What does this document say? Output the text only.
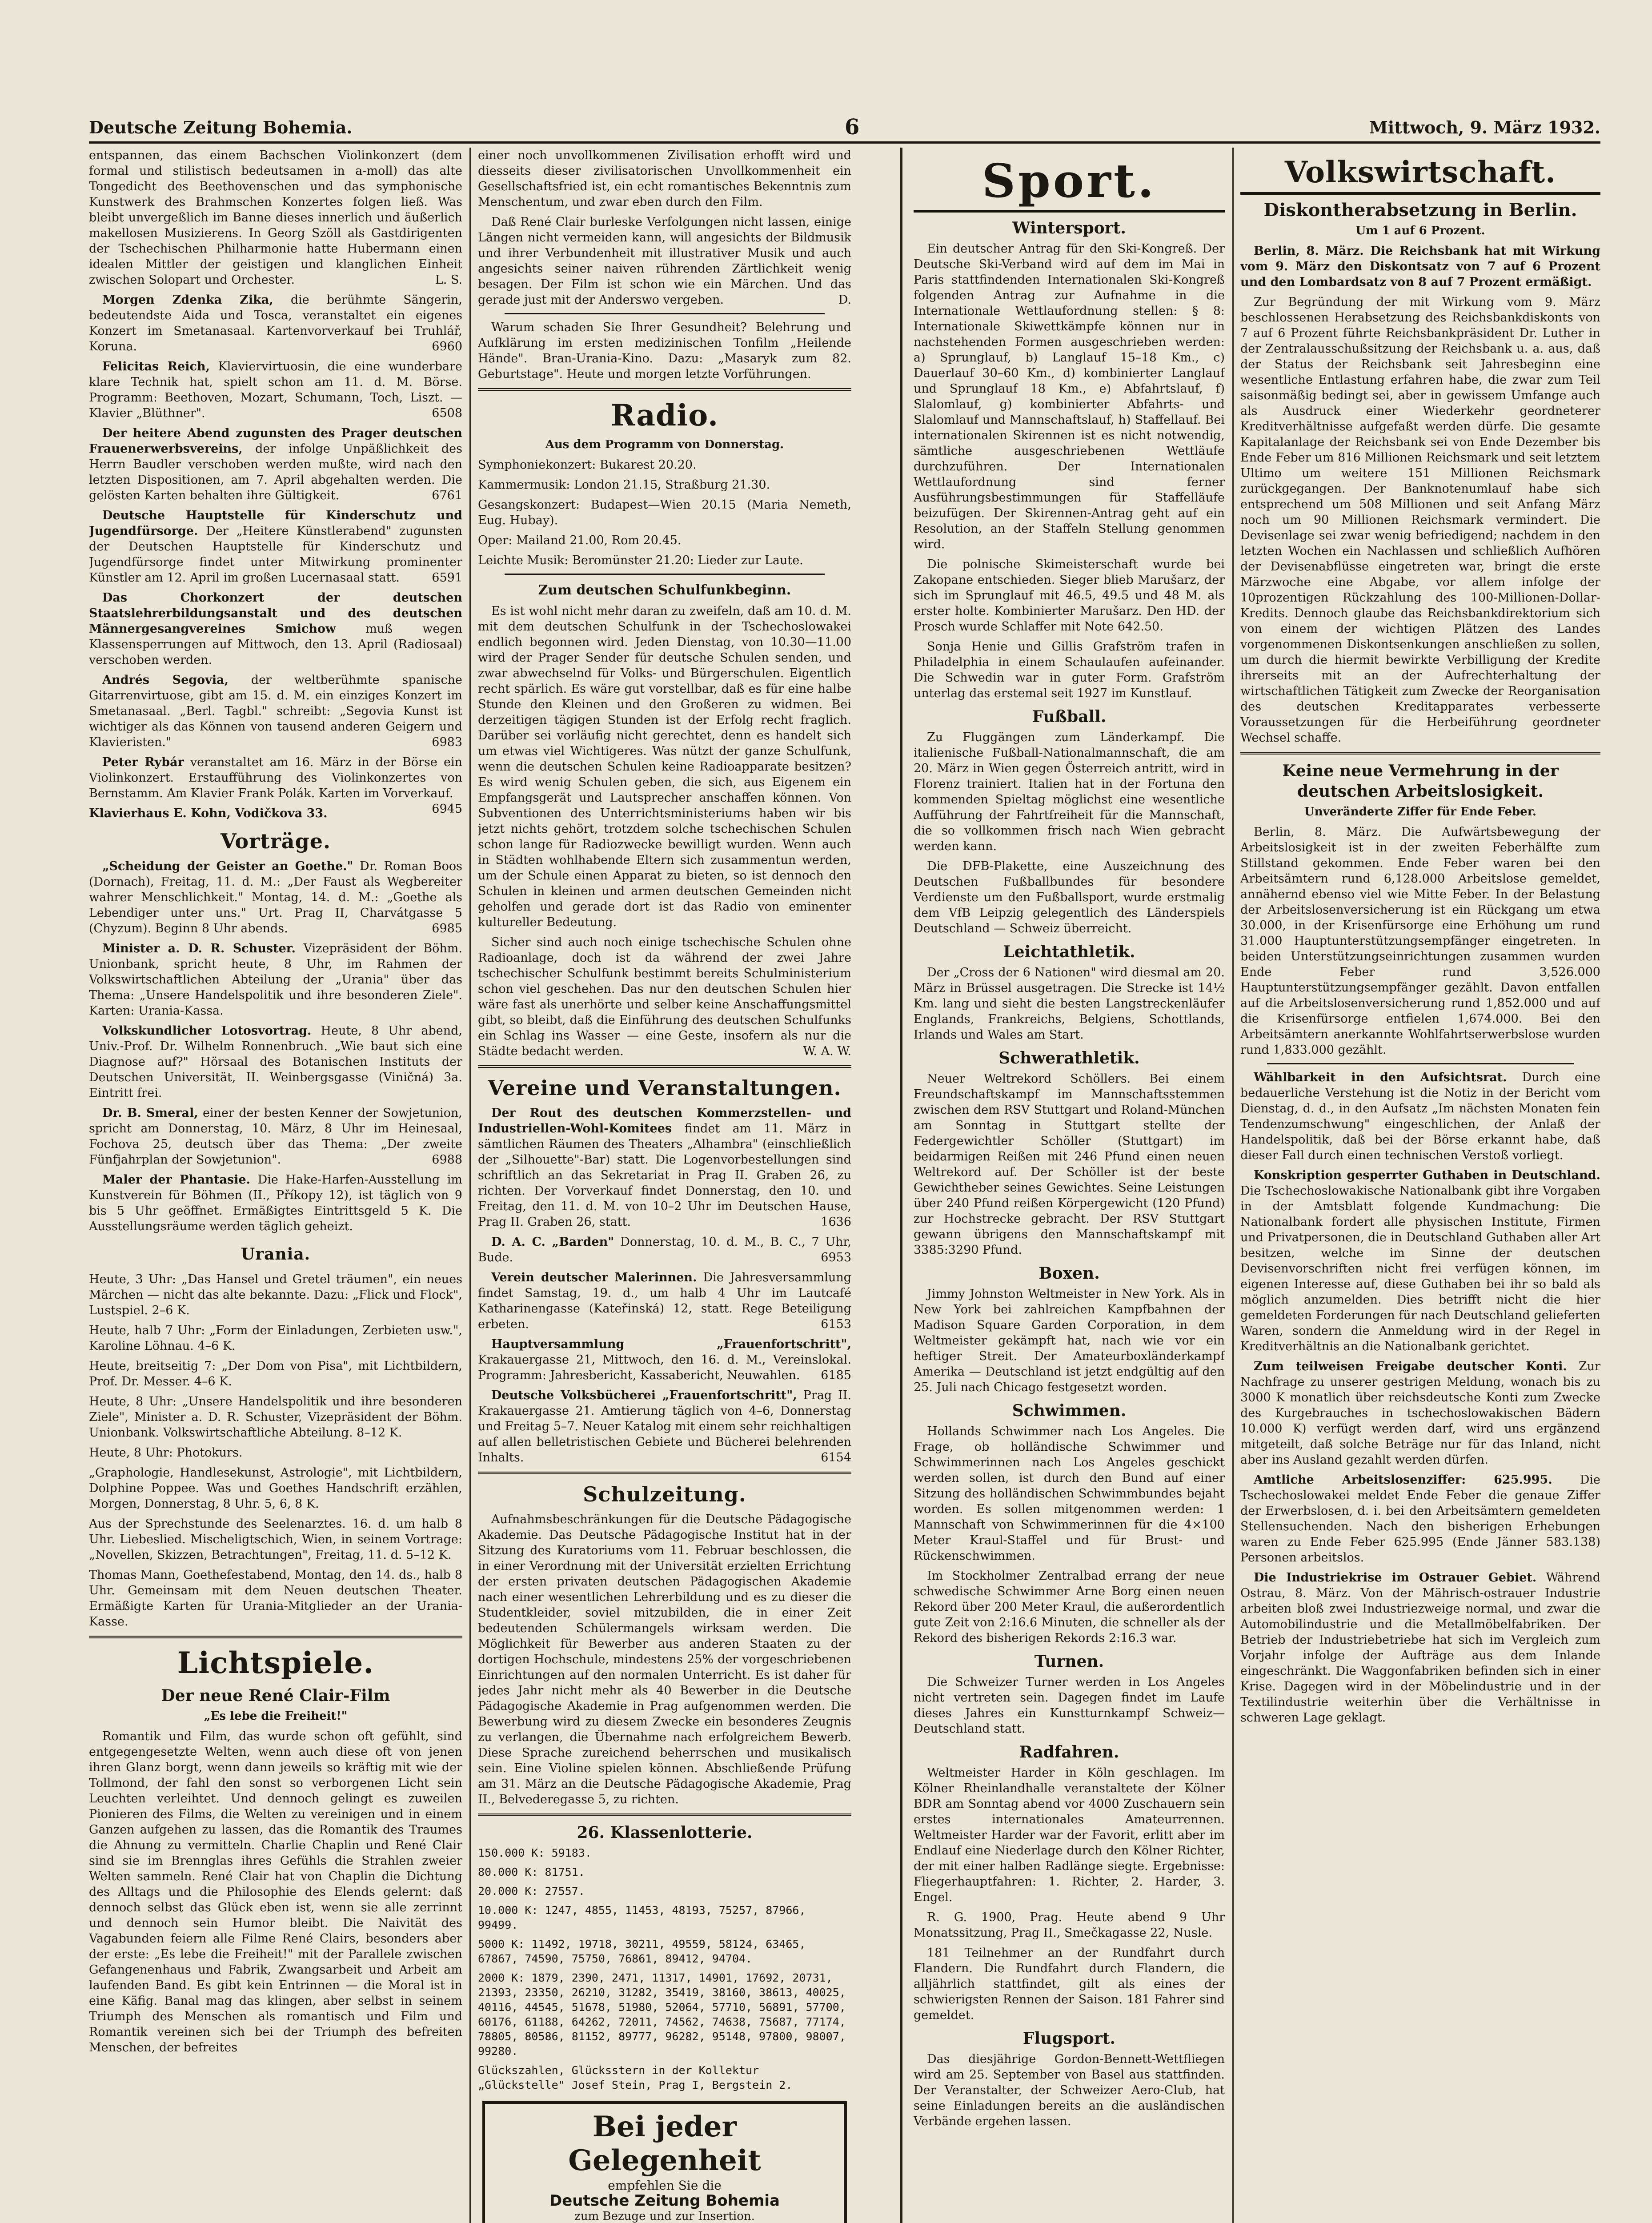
Deutsche Zeitung Bohemia.	6	Mittwoch, 9. März 1932.

entspannen, das einem Bachschen Violinkonzert (dem formal und stilistisch bedeutsamen in a-moll) das alte Tongedicht des Beethovenschen und das symphonische Kunstwerk des Brahmschen Konzertes folgen ließ. Was bleibt unvergeßlich im Banne dieses innerlich und äußerlich makellosen Musizierens. In Georg Szöll als Gastdirigenten der Tschechischen Philharmonie hatte Hubermann einen idealen Mittler der geistigen und klanglichen Einheit zwischen Solopart und Orchester.	L. S.

Morgen Zdenka Zika, die berühmte Sängerin, bedeutendste Aida und Tosca, veranstaltet ein eigenes Konzert im Smetanasaal. Kartenvorverkauf bei Truhlář, Koruna.	6960

Felicitas Reich, Klaviervirtuosin, die eine wunderbare klare Technik hat, spielt schon am 11. d. M. Börse. Programm: Beethoven, Mozart, Schumann, Toch, Liszt. — Klavier „Blüthner".	6508

Der heitere Abend zugunsten des Prager deutschen Frauenerwerbsvereins, der infolge Unpäßlichkeit des Herrn Baudler verschoben werden mußte, wird nach den letzten Dispositionen, am 7. April abgehalten werden. Die gelösten Karten behalten ihre Gültigkeit.	6761

Deutsche Hauptstelle für Kinderschutz und Jugendfürsorge. Der „Heitere Künstlerabend" zugunsten der Deutschen Hauptstelle für Kinderschutz und Jugendfürsorge findet unter Mitwirkung prominenter Künstler am 12. April im großen Lucernasaal statt.	6591

Das Chorkonzert der deutschen Staatslehrerbildungsanstalt und des deutschen Männergesangvereines Smichow muß wegen Klassensperrungen auf Mittwoch, den 13. April (Radiosaal) verschoben werden.

Andrés Segovia, der weltberühmte spanische Gitarrenvirtuose, gibt am 15. d. M. ein einziges Konzert im Smetanasaal. „Berl. Tagbl." schreibt: „Segovia Kunst ist wichtiger als das Können von tausend anderen Geigern und Klavieristen."	6983

Peter Rybár veranstaltet am 16. März in der Börse ein Violinkonzert. Erstaufführung des Violinkonzertes von Bernstamm. Am Klavier Frank Polák. Karten im Vorverkauf.
6945

Klavierhaus E. Kohn, Vodičkova 33.

Vorträge.

„Scheidung der Geister an Goethe." Dr. Roman Boos (Dornach), Freitag, 11. d. M.: „Der Faust als Wegbereiter wahrer Menschlichkeit." Montag, 14. d. M.: „Goethe als Lebendiger unter uns." Urt. Prag II, Charvátgasse 5 (Chyzum). Beginn 8 Uhr abends.	6985

Minister a. D. R. Schuster. Vizepräsident der Böhm. Unionbank, spricht heute, 8 Uhr, im Rahmen der Volkswirtschaftlichen Abteilung der „Urania" über das Thema: „Unsere Handelspolitik und ihre besonderen Ziele". Karten: Urania-Kassa.

Volkskundlicher Lotosvortrag. Heute, 8 Uhr abend, Univ.-Prof. Dr. Wilhelm Ronnenbruch. „Wie baut sich eine Diagnose auf?" Hörsaal des Botanischen Instituts der Deutschen Universität, II. Weinbergsgasse (Viničná) 3a. Eintritt frei.

Dr. B. Smeral, einer der besten Kenner der Sowjetunion, spricht am Donnerstag, 10. März, 8 Uhr im Heinesaal, Fochova 25, deutsch über das Thema: „Der zweite Fünfjahrplan der Sowjetunion".	6988

Maler der Phantasie. Die Hake-Harfen-Ausstellung im Kunstverein für Böhmen (II., Příkopy 12), ist täglich von 9 bis 5 Uhr geöffnet. Ermäßigtes Eintrittsgeld 5 K. Die Ausstellungsräume werden täglich geheizt.

Urania.

Heute, 3 Uhr: „Das Hansel und Gretel träumen", ein neues Märchen — nicht das alte bekannte. Dazu: „Flick und Flock", Lustspiel. 2–6 K.

Heute, halb 7 Uhr: „Form der Einladungen, Zerbieten usw.", Karoline Löhnau. 4–6 K.

Heute, breitseitig 7: „Der Dom von Pisa", mit Lichtbildern, Prof. Dr. Messer. 4–6 K.

Heute, 8 Uhr: „Unsere Handelspolitik und ihre besonderen Ziele", Minister a. D. R. Schuster, Vizepräsident der Böhm. Unionbank. Volkswirtschaftliche Abteilung. 8–12 K.

Heute, 8 Uhr: Photokurs.

„Graphologie, Handlesekunst, Astrologie", mit Lichtbildern, Dolphine Poppee. Was und Goethes Handschrift erzählen, Morgen, Donnerstag, 8 Uhr. 5, 6, 8 K.

Aus der Sprechstunde des Seelenarztes. 16. d. um halb 8 Uhr. Liebeslied. Mischeligtschich, Wien, in seinem Vortrage: „Novellen, Skizzen, Betrachtungen", Freitag, 11. d. 5–12 K.

Thomas Mann, Goethefestabend, Montag, den 14. ds., halb 8 Uhr. Gemeinsam mit dem Neuen deutschen Theater. Ermäßigte Karten für Urania-Mitglieder an der Urania-Kasse.

Lichtspiele.
Der neue René Clair-Film
„Es lebe die Freiheit!"

Romantik und Film, das wurde schon oft gefühlt, sind entgegengesetzte Welten, wenn auch diese oft von jenen ihren Glanz borgt, wenn dann jeweils so kräftig mit wie der Tollmond, der fahl den sonst so verborgenen Licht sein Leuchten verleihtet. Und dennoch gelingt es zuweilen Pionieren des Films, die Welten zu vereinigen und in einem Ganzen aufgehen zu lassen, das die Romantik des Traumes die Ahnung zu vermitteln. Charlie Chaplin und René Clair sind sie im Brennglas ihres Gefühls die Strahlen zweier Welten sammeln. René Clair hat von Chaplin die Dichtung des Alltags und die Philosophie des Elends gelernt: daß dennoch selbst das Glück eben ist, wenn sie alle zerrinnt und dennoch sein Humor bleibt. Die Naivität des Vagabunden feiern alle Filme René Clairs, besonders aber der erste: „Es lebe die Freiheit!" mit der Parallele zwischen Gefangenenhaus und Fabrik, Zwangsarbeit und Arbeit am laufenden Band. Es gibt kein Entrinnen — die Moral ist in eine Käfig. Banal mag das klingen, aber selbst in seinem Triumph des Menschen als romantisch und Film und Romantik vereinen sich bei der Triumph des befreiten Menschen, der befreites

einer noch unvollkommenen Zivilisation erhofft wird und diesseits dieser zivilisatorischen Unvollkommenheit ein Gesellschaftsfried ist, ein echt romantisches Bekenntnis zum Menschentum, und zwar eben durch den Film.

Daß René Clair burleske Verfolgungen nicht lassen, einige Längen nicht vermeiden kann, will angesichts der Bildmusik und ihrer Verbundenheit mit illustrativer Musik und auch angesichts seiner naiven rührenden Zärtlichkeit wenig besagen. Der Film ist schon wie ein Märchen. Und das gerade just mit der Anderswo vergeben.	D.

Warum schaden Sie Ihrer Gesundheit? Belehrung und Aufklärung im ersten medizinischen Tonfilm „Heilende Hände". Bran-Urania-Kino. Dazu: „Masaryk zum 82. Geburtstage". Heute und morgen letzte Vorführungen.

Radio.
Aus dem Programm von Donnerstag.

Symphoniekonzert: Bukarest 20.20.

Kammermusik: London 21.15, Straßburg 21.30.

Gesangskonzert: Budapest—Wien 20.15 (Maria Nemeth, Eug. Hubay).

Oper: Mailand 21.00, Rom 20.45.

Leichte Musik: Beromünster 21.20: Lieder zur Laute.

Zum deutschen Schulfunkbeginn.

Es ist wohl nicht mehr daran zu zweifeln, daß am 10. d. M. mit dem deutschen Schulfunk in der Tschechoslowakei endlich begonnen wird. Jeden Dienstag, von 10.30—11.00 wird der Prager Sender für deutsche Schulen senden, und zwar abwechselnd für Volks- und Bürgerschulen. Eigentlich recht spärlich. Es wäre gut vorstellbar, daß es für eine halbe Stunde den Kleinen und den Großeren zu widmen. Bei derzeitigen tägigen Stunden ist der Erfolg recht fraglich. Darüber sei vorläufig nicht gerechtet, denn es handelt sich um etwas viel Wichtigeres. Was nützt der ganze Schulfunk, wenn die deutschen Schulen keine Radioapparate besitzen? Es wird wenig Schulen geben, die sich, aus Eigenem ein Empfangsgerät und Lautsprecher anschaffen können. Von Subventionen des Unterrichtsministeriums haben wir bis jetzt nichts gehört, trotzdem solche tschechischen Schulen schon lange für Radiozwecke bewilligt wurden. Wenn auch in Städten wohlhabende Eltern sich zusammentun werden, um der Schule einen Apparat zu bieten, so ist dennoch den Schulen in kleinen und armen deutschen Gemeinden nicht geholfen und gerade dort ist das Radio von eminenter kultureller Bedeutung.

Sicher sind auch noch einige tschechische Schulen ohne Radioanlage, doch ist da während der zwei Jahre tschechischer Schulfunk bestimmt bereits Schulministerium schon viel geschehen. Das nur den deutschen Schulen hier wäre fast als unerhörte und selber keine Anschaffungsmittel gibt, so bleibt, daß die Einführung des deutschen Schulfunks ein Schlag ins Wasser — eine Geste, insofern als nur die Städte bedacht werden.	W. A. W.

Vereine und Veranstaltungen.

Der Rout des deutschen Kommerzstellen- und Industriellen-Wohl-Komitees findet am 11. März in sämtlichen Räumen des Theaters „Alhambra" (einschließlich der „Silhouette"-Bar) statt. Die Logenvorbestellungen sind schriftlich an das Sekretariat in Prag II. Graben 26, zu richten. Der Vorverkauf findet Donnerstag, den 10. und Freitag, den 11. d. M. von 10–2 Uhr im Deutschen Hause, Prag II. Graben 26, statt.	1636

D. A. C. „Barden" Donnerstag, 10. d. M., B. C., 7 Uhr, Bude.	6953

Verein deutscher Malerinnen. Die Jahresversammlung findet Samstag, 19. d., um halb 4 Uhr im Lautcafé Katharinengasse (Kateřinská) 12, statt. Rege Beteiligung erbeten.	6153

Hauptversammlung „Frauenfortschritt", Krakauergasse 21, Mittwoch, den 16. d. M., Vereinslokal. Programm: Jahresbericht, Kassabericht, Neuwahlen.	6185

Deutsche Volksbücherei „Frauenfortschritt", Prag II. Krakauergasse 21. Amtierung täglich von 4–6, Donnerstag und Freitag 5–7. Neuer Katalog mit einem sehr reichhaltigen auf allen belletristischen Gebiete und Bücherei belehrenden Inhalts.	6154

Schulzeitung.

Aufnahmsbeschränkungen für die Deutsche Pädagogische Akademie. Das Deutsche Pädagogische Institut hat in der Sitzung des Kuratoriums vom 11. Februar beschlossen, die in einer Verordnung mit der Universität erzielten Errichtung der ersten privaten deutschen Pädagogischen Akademie nach einer wesentlichen Lehrerbildung und es zu dieser die Studentkleider, soviel mitzubilden, die in einer Zeit bedeutenden Schülermangels wirksam werden. Die Möglichkeit für Bewerber aus anderen Staaten zu der dortigen Hochschule, mindestens 25% der vorgeschriebenen Einrichtungen auf den normalen Unterricht. Es ist daher für jedes Jahr nicht mehr als 40 Bewerber in die Deutsche Pädagogische Akademie in Prag aufgenommen werden. Die Bewerbung wird zu diesem Zwecke ein besonderes Zeugnis zu verlangen, die Übernahme nach erfolgreichem Bewerb. Diese Sprache zureichend beherrschen und musikalisch sein. Eine Violine spielen können. Abschließende Prüfung am 31. März an die Deutsche Pädagogische Akademie, Prag II., Belvederegasse 5, zu richten.

26. Klassenlotterie.

150.000 K: 59183.

80.000 K: 81751.

20.000 K: 27557.

10.000 K: 1247, 4855, 11453, 48193, 75257, 87966, 99499.

5000 K: 11492, 19718, 30211, 49559, 58124, 63465, 67867, 74590, 75750, 76861, 89412, 94704.

2000 K: 1879, 2390, 2471, 11317, 14901, 17692, 20731, 21393, 23350, 26210, 31282, 35419, 38160, 38613, 40025, 40116, 44545, 51678, 51980, 52064, 57710, 56891, 57700, 60176, 61188, 64262, 72011, 74562, 74638, 75687, 77174, 78805, 80586, 81152, 89777, 96282, 95148, 97800, 98007, 99280.

Glückszahlen, Glücksstern in der Kollektur „Glückstelle" Josef Stein, Prag I, Bergstein 2.

Bei jeder Gelegenheit
empfehlen Sie die
Deutsche Zeitung Bohemia
zum Bezuge und zur Insertion.
Sport.
Wintersport.

Ein deutscher Antrag für den Ski-Kongreß. Der Deutsche Ski-Verband wird auf dem im Mai in Paris stattfindenden Internationalen Ski-Kongreß folgenden Antrag zur Aufnahme in die Internationale Wettlaufordnung stellen: § 8: Internationale Skiwettkämpfe können nur in nachstehenden Formen ausgeschrieben werden: a) Sprunglauf, b) Langlauf 15–18 Km., c) Dauerlauf 30–60 Km., d) kombinierter Langlauf und Sprunglauf 18 Km., e) Abfahrtslauf, f) Slalomlauf, g) kombinierter Abfahrts- und Slalomlauf und Mannschaftslauf, h) Staffellauf. Bei internationalen Skirennen ist es nicht notwendig, sämtliche ausgeschriebenen Wettläufe durchzuführen. Der Internationalen Wettlaufordnung sind ferner Ausführungsbestimmungen für Staffelläufe beizufügen. Der Skirennen-Antrag geht auf ein Resolution, an der Staffeln Stellung genommen wird.

Die polnische Skimeisterschaft wurde bei Zakopane entschieden. Sieger blieb Marušarz, der sich im Sprunglauf mit 46.5, 49.5 und 48 M. als erster holte. Kombinierter Marušarz. Den HD. der Prosch wurde Schlaffer mit Note 642.50.

Sonja Henie und Gillis Grafström trafen in Philadelphia in einem Schaulaufen aufeinander. Die Schwedin war in guter Form. Grafström unterlag das erstemal seit 1927 im Kunstlauf.

Fußball.

Zu Fluggängen zum Länderkampf. Die italienische Fußball-Nationalmannschaft, die am 20. März in Wien gegen Österreich antritt, wird in Florenz trainiert. Italien hat in der Fortuna den kommenden Spieltag möglichst eine wesentliche Aufführung der Fahrtfreiheit für die Mannschaft, die so vollkommen frisch nach Wien gebracht werden kann.

Die DFB-Plakette, eine Auszeichnung des Deutschen Fußballbundes für besondere Verdienste um den Fußballsport, wurde erstmalig dem VfB Leipzig gelegentlich des Länderspiels Deutschland — Schweiz überreicht.

Leichtathletik.

Der „Cross der 6 Nationen" wird diesmal am 20. März in Brüssel ausgetragen. Die Strecke ist 14½ Km. lang und sieht die besten Langstreckenläufer Englands, Frankreichs, Belgiens, Schottlands, Irlands und Wales am Start.

Schwerathletik.

Neuer Weltrekord Schöllers. Bei einem Freundschaftskampf im Mannschaftsstemmen zwischen dem RSV Stuttgart und Roland-München am Sonntag in Stuttgart stellte der Federgewichtler Schöller (Stuttgart) im beidarmigen Reißen mit 246 Pfund einen neuen Weltrekord auf. Der Schöller ist der beste Gewichtheber seines Gewichtes. Seine Leistungen über 240 Pfund reißen Körpergewicht (120 Pfund) zur Hochstrecke gebracht. Der RSV Stuttgart gewann übrigens den Mannschaftskampf mit 3385:3290 Pfund.

Boxen.

Jimmy Johnston Weltmeister in New York. Als in New York bei zahlreichen Kampfbahnen der Madison Square Garden Corporation, in dem Weltmeister gekämpft hat, nach wie vor ein heftiger Streit. Der Amateurboxländerkampf Amerika — Deutschland ist jetzt endgültig auf den 25. Juli nach Chicago festgesetzt worden.

Schwimmen.

Hollands Schwimmer nach Los Angeles. Die Frage, ob holländische Schwimmer und Schwimmerinnen nach Los Angeles geschickt werden sollen, ist durch den Bund auf einer Sitzung des holländischen Schwimmbundes bejaht worden. Es sollen mitgenommen werden: 1 Mannschaft von Schwimmerinnen für die 4×100 Meter Kraul-Staffel und für Brust- und Rückenschwimmen.

Im Stockholmer Zentralbad errang der neue schwedische Schwimmer Arne Borg einen neuen Rekord über 200 Meter Kraul, die außerordentlich gute Zeit von 2:16.6 Minuten, die schneller als der Rekord des bisherigen Rekords 2:16.3 war.

Turnen.

Die Schweizer Turner werden in Los Angeles nicht vertreten sein. Dagegen findet im Laufe dieses Jahres ein Kunstturnkampf Schweiz—Deutschland statt.

Radfahren.

Weltmeister Harder in Köln geschlagen. Im Kölner Rheinlandhalle veranstaltete der Kölner BDR am Sonntag abend vor 4000 Zuschauern sein erstes internationales Amateurrennen. Weltmeister Harder war der Favorit, erlitt aber im Endlauf eine Niederlage durch den Kölner Richter, der mit einer halben Radlänge siegte. Ergebnisse: Fliegerhauptfahren: 1. Richter, 2. Harder, 3. Engel.

R. G. 1900, Prag. Heute abend 9 Uhr Monatssitzung, Prag II., Smečkagasse 22, Nusle.

181 Teilnehmer an der Rundfahrt durch Flandern. Die Rundfahrt durch Flandern, die alljährlich stattfindet, gilt als eines der schwierigsten Rennen der Saison. 181 Fahrer sind gemeldet.

Flugsport.

Das diesjährige Gordon-Bennett-Wettfliegen wird am 25. September von Basel aus stattfinden. Der Veranstalter, der Schweizer Aero-Club, hat seine Einladungen bereits an die ausländischen Verbände ergehen lassen.

Volkswirtschaft.
Diskontherabsetzung in Berlin.
Um 1 auf 6 Prozent.

Berlin, 8. März. Die Reichsbank hat mit Wirkung vom 9. März den Diskontsatz von 7 auf 6 Prozent und den Lombardsatz von 8 auf 7 Prozent ermäßigt.

Zur Begründung der mit Wirkung vom 9. März beschlossenen Herabsetzung des Reichsbankdiskonts von 7 auf 6 Prozent führte Reichsbankpräsident Dr. Luther in der Zentralausschußsitzung der Reichsbank u. a. aus, daß der Status der Reichsbank seit Jahresbeginn eine wesentliche Entlastung erfahren habe, die zwar zum Teil saisonmäßig bedingt sei, aber in gewissem Umfange auch als Ausdruck einer Wiederkehr geordneterer Kreditverhältnisse aufgefaßt werden dürfe. Die gesamte Kapitalanlage der Reichsbank sei von Ende Dezember bis Ende Feber um 816 Millionen Reichsmark und seit letztem Ultimo um weitere 151 Millionen Reichsmark zurückgegangen. Der Banknotenumlauf habe sich entsprechend um 508 Millionen und seit Anfang März noch um 90 Millionen Reichsmark vermindert. Die Devisenlage sei zwar wenig befriedigend; nachdem in den letzten Wochen ein Nachlassen und schließlich Aufhören der Devisenabflüsse eingetreten war, bringt die erste Märzwoche eine Abgabe, vor allem infolge der 10prozentigen Rückzahlung des 100-Millionen-Dollar-Kredits. Dennoch glaube das Reichsbankdirektorium sich von einem der wichtigen Plätzen des Landes vorgenommenen Diskontsenkungen anschließen zu sollen, um durch die hiermit bewirkte Verbilligung der Kredite ihrerseits mit an der Aufrechterhaltung der wirtschaftlichen Tätigkeit zum Zwecke der Reorganisation des deutschen Kreditapparates verbesserte Voraussetzungen für die Herbeiführung geordneter Wechsel schaffe.

Keine neue Vermehrung in der deutschen Arbeitslosigkeit.
Unveränderte Ziffer für Ende Feber.

Berlin, 8. März. Die Aufwärtsbewegung der Arbeitslosigkeit ist in der zweiten Feberhälfte zum Stillstand gekommen. Ende Feber waren bei den Arbeitsämtern rund 6,128.000 Arbeitslose gemeldet, annähernd ebenso viel wie Mitte Feber. In der Belastung der Arbeitslosenversicherung ist ein Rückgang um etwa 30.000, in der Krisenfürsorge eine Erhöhung um rund 31.000 Hauptunterstützungsempfänger eingetreten. In beiden Unterstützungseinrichtungen zusammen wurden Ende Feber rund 3,526.000 Hauptunterstützungsempfänger gezählt. Davon entfallen auf die Arbeitslosenversicherung rund 1,852.000 und auf die Krisenfürsorge entfielen 1,674.000. Bei den Arbeitsämtern anerkannte Wohlfahrtserwerbslose wurden rund 1,833.000 gezählt.

Wählbarkeit in den Aufsichtsrat. Durch eine bedauerliche Verstehung ist die Notiz in der Bericht vom Dienstag, d. d., in den Aufsatz „Im nächsten Monaten fein Tendenzumschwung" eingeschlichen, der Anlaß der Handelspolitik, daß bei der Börse erkannt habe, daß dieser Fall durch einen technischen Verstoß vorliegt.

Konskription gesperrter Guthaben in Deutschland. Die Tschechoslowakische Nationalbank gibt ihre Vorgaben in der Amtsblatt folgende Kundmachung: Die Nationalbank fordert alle physischen Institute, Firmen und Privatpersonen, die in Deutschland Guthaben aller Art besitzen, welche im Sinne der deutschen Devisenvorschriften nicht frei verfügen können, im eigenen Interesse auf, diese Guthaben bei ihr so bald als möglich anzumelden. Dies betrifft nicht die hier gemeldeten Forderungen für nach Deutschland gelieferten Waren, sondern die Anmeldung wird in der Regel in Kreditverhältnis an die Nationalbank gerichtet.

Zum teilweisen Freigabe deutscher Konti. Zur Nachfrage zu unserer gestrigen Meldung, wonach bis zu 3000 K monatlich über reichsdeutsche Konti zum Zwecke des Kurgebrauches in tschechoslowakischen Bädern 10.000 K) verfügt werden darf, wird uns ergänzend mitgeteilt, daß solche Beträge nur für das Inland, nicht aber ins Ausland gezahlt werden dürfen.

Amtliche Arbeitslosenziffer: 625.995. Die Tschechoslowakei meldet Ende Feber die genaue Ziffer der Erwerbslosen, d. i. bei den Arbeitsämtern gemeldeten Stellensuchenden. Nach den bisherigen Erhebungen waren zu Ende Feber 625.995 (Ende Jänner 583.138) Personen arbeitslos.

Die Industriekrise im Ostrauer Gebiet. Während Ostrau, 8. März. Von der Mährisch-ostrauer Industrie arbeiten bloß zwei Industriezweige normal, und zwar die Automobilindustrie und die Metallmöbelfabriken. Der Betrieb der Industriebetriebe hat sich im Vergleich zum Vorjahr infolge der Aufträge aus dem Inlande eingeschränkt. Die Waggonfabriken befinden sich in einer Krise. Dagegen wird in der Möbelindustrie und in der Textilindustrie weiterhin über die Verhältnisse in schweren Lage geklagt.
